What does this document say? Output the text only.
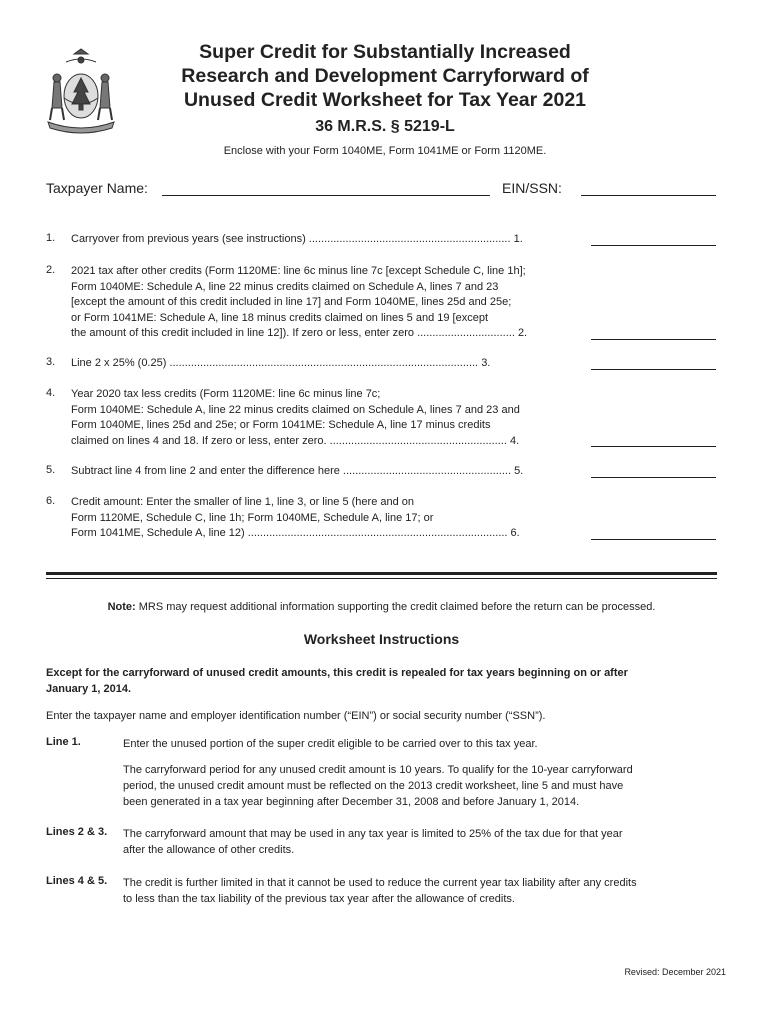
Super Credit for Substantially Increased
Research and Development Carryforward of
Unused Credit Worksheet for Tax Year 2021
36 M.R.S. § 5219-L
Enclose with your Form 1040ME, Form 1041ME or Form 1120ME.
Taxpayer Name:	EIN/SSN:
1. Carryover from previous years (see instructions) .................................................................. 1.
2. 2021 tax after other credits (Form 1120ME: line 6c minus line 7c [except Schedule C, line 1h];
Form 1040ME: Schedule A, line 22 minus credits claimed on Schedule A, lines 7 and 23
[except the amount of this credit included in line 17] and Form 1040ME, lines 25d and 25e;
or Form 1041ME: Schedule A, line 18 minus credits claimed on lines 5 and 19 [except
the amount of this credit included in line 12]). If zero or less, enter zero ................................ 2.
3. Line 2 x 25% (0.25) ..................................................................................................... 3.
4. Year 2020 tax less credits (Form 1120ME: line 6c minus line 7c;
Form 1040ME: Schedule A, line 22 minus credits claimed on Schedule A, lines 7 and 23 and
Form 1040ME, lines 25d and 25e; or Form 1041ME: Schedule A, line 17 minus credits
claimed on lines 4 and 18. If zero or less, enter zero. .......................................................... 4.
5. Subtract line 4 from line 2 and enter the difference here ....................................................... 5.
6. Credit amount: Enter the smaller of line 1, line 3, or line 5 (here and on
Form 1120ME, Schedule C, line 1h; Form 1040ME, Schedule A, line 17; or
Form 1041ME, Schedule A, line 12) ..................................................................................... 6.
Note: MRS may request additional information supporting the credit claimed before the return can be processed.
Worksheet Instructions
Except for the carryforward of unused credit amounts, this credit is repealed for tax years beginning on or after
January 1, 2014.
Enter the taxpayer name and employer identification number (“EIN”) or social security number (“SSN”).
Line 1.	Enter the unused portion of the super credit eligible to be carried over to this tax year.
The carryforward period for any unused credit amount is 10 years. To qualify for the 10-year carryforward
period, the unused credit amount must be reflected on the 2013 credit worksheet, line 5 and must have
been generated in a tax year beginning after December 31, 2008 and before January 1, 2014.
Lines 2 & 3. The carryforward amount that may be used in any tax year is limited to 25% of the tax due for that year
after the allowance of other credits.
Lines 4 & 5. The credit is further limited in that it cannot be used to reduce the current year tax liability after any credits
to less than the tax liability of the previous tax year after the allowance of credits.
Revised: December 2021
